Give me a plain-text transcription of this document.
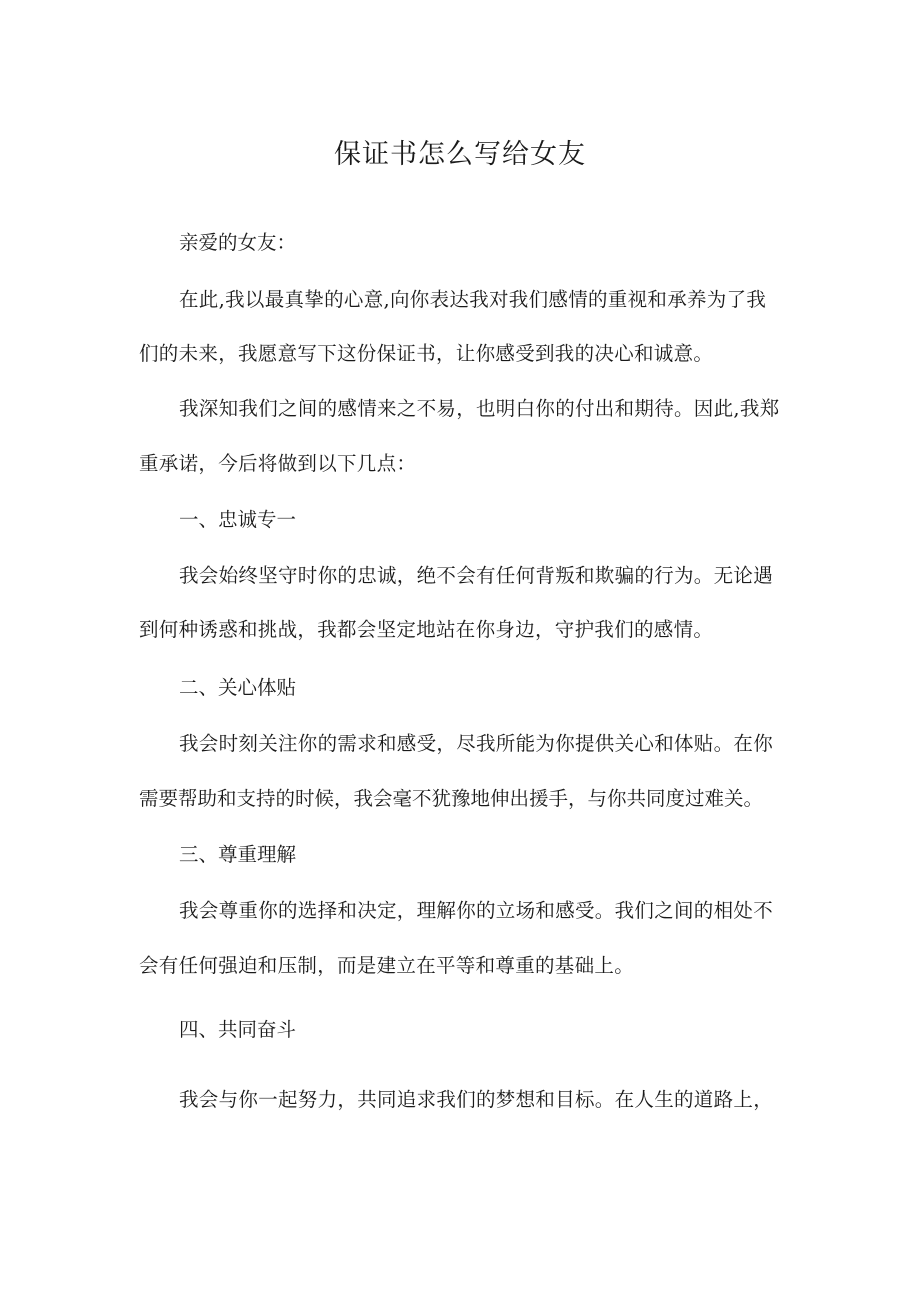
保证书怎么写给女友
亲爱的女友：
在此,我以最真挚的心意,向你表达我对我们感情的重视和承养为了我
们的未来，我愿意写下这份保证书，让你感受到我的决心和诚意。
我深知我们之间的感情来之不易，也明白你的付出和期待。因此,我郑
重承诺，今后将做到以下几点：
一、忠诚专一
我会始终坚守时你的忠诚，绝不会有任何背叛和欺骗的行为。无论遇
到何种诱惑和挑战，我都会坚定地站在你身边，守护我们的感情。
二、关心体贴
我会时刻关注你的需求和感受，尽我所能为你提供关心和体贴。在你
需要帮助和支持的时候，我会毫不犹豫地伸出援手，与你共同度过难关。
三、尊重理解
我会尊重你的选择和决定，理解你的立场和感受。我们之间的相处不
会有任何强迫和压制，而是建立在平等和尊重的基础上。
四、共同奋斗
我会与你一起努力，共同追求我们的梦想和目标。在人生的道路上，
